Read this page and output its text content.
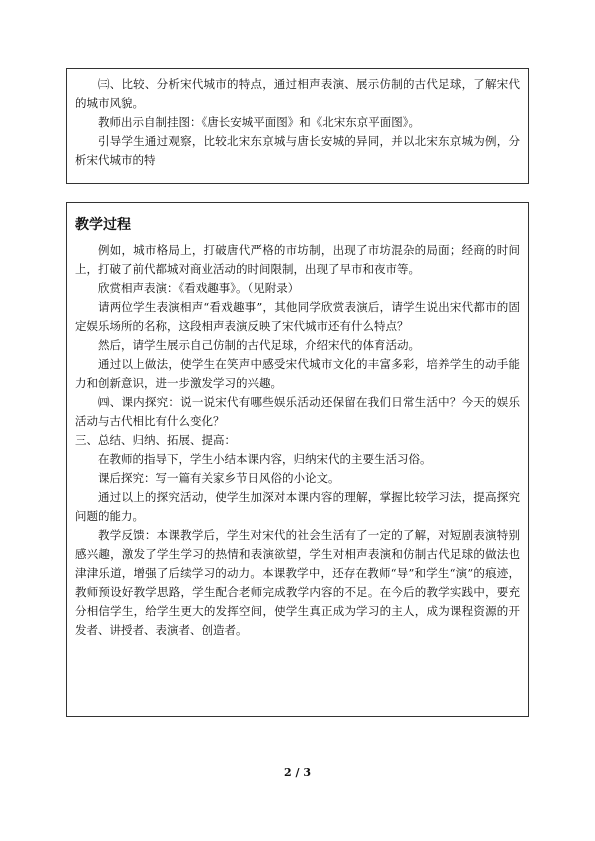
㈢、比较、分析宋代城市的特点，通过相声表演、展示仿制的古代足球，了解宋代的城市风貌。

教师出示自制挂图：《唐长安城平面图》和《北宋东京平面图》。

引导学生通过观察，比较北宋东京城与唐长安城的异同，并以北宋东京城为例，分析宋代城市的特

教学过程

例如，城市格局上，打破唐代严格的市坊制，出现了市坊混杂的局面；经商的时间上，打破了前代都城对商业活动的时间限制，出现了早市和夜市等。

欣赏相声表演：《看戏趣事》。（见附录）

请两位学生表演相声“看戏趣事”，其他同学欣赏表演后，请学生说出宋代都市的固定娱乐场所的名称，这段相声表演反映了宋代城市还有什么特点？

然后，请学生展示自己仿制的古代足球，介绍宋代的体育活动。

通过以上做法，使学生在笑声中感受宋代城市文化的丰富多彩，培养学生的动手能力和创新意识，进一步激发学习的兴趣。

㈣、课内探究：说一说宋代有哪些娱乐活动还保留在我们日常生活中？今天的娱乐活动与古代相比有什么变化？

三、总结、归纳、拓展、提高：

在教师的指导下，学生小结本课内容，归纳宋代的主要生活习俗。

课后探究：写一篇有关家乡节日风俗的小论文。

通过以上的探究活动，使学生加深对本课内容的理解，掌握比较学习法，提高探究问题的能力。

教学反馈：本课教学后，学生对宋代的社会生活有了一定的了解，对短剧表演特别感兴趣，激发了学生学习的热情和表演欲望，学生对相声表演和仿制古代足球的做法也津津乐道，增强了后续学习的动力。本课教学中，还存在教师“导”和学生“演”的痕迹，教师预设好教学思路，学生配合老师完成教学内容的不足。在今后的教学实践中，要充分相信学生，给学生更大的发挥空间，使学生真正成为学习的主人，成为课程资源的开发者、讲授者、表演者、创造者。

2 / 3
